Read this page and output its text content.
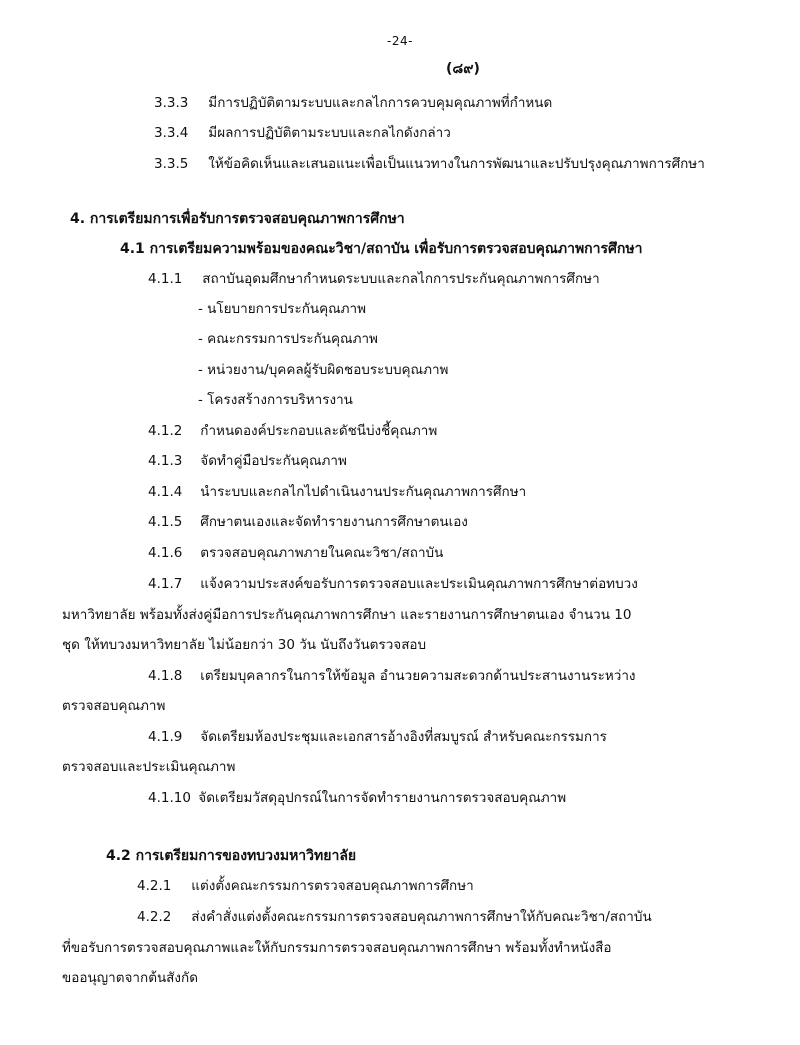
-24-
(๘๙)
3.3.3 มีการปฏิบัติตามระบบและกลไกการควบคุมคุณภาพที่กำหนด
3.3.4 มีผลการปฏิบัติตามระบบและกลไกดังกล่าว
3.3.5 ให้ข้อคิดเห็นและเสนอแนะเพื่อเป็นแนวทางในการพัฒนาและปรับปรุงคุณภาพการศึกษา
4. การเตรียมการเพื่อรับการตรวจสอบคุณภาพการศึกษา
4.1 การเตรียมความพร้อมของคณะวิชา/สถาบัน เพื่อรับการตรวจสอบคุณภาพการศึกษา
4.1.1 สถาบันอุดมศึกษากำหนดระบบและกลไกการประกันคุณภาพการศึกษา
- นโยบายการประกันคุณภาพ
- คณะกรรมการประกันคุณภาพ
- หน่วยงาน/บุคคลผู้รับผิดชอบระบบคุณภาพ
- โครงสร้างการบริหารงาน
4.1.2 กำหนดองค์ประกอบและดัชนีบ่งชี้คุณภาพ
4.1.3 จัดทำคู่มือประกันคุณภาพ
4.1.4 นำระบบและกลไกไปดำเนินงานประกันคุณภาพการศึกษา
4.1.5 ศึกษาตนเองและจัดทำรายงานการศึกษาตนเอง
4.1.6 ตรวจสอบคุณภาพภายในคณะวิชา/สถาบัน
4.1.7 แจ้งความประสงค์ขอรับการตรวจสอบและประเมินคุณภาพการศึกษาต่อทบวง
มหาวิทยาลัย พร้อมทั้งส่งคู่มือการประกันคุณภาพการศึกษา และรายงานการศึกษาตนเอง จำนวน 10
ชุด ให้ทบวงมหาวิทยาลัย ไม่น้อยกว่า 30 วัน นับถึงวันตรวจสอบ
4.1.8 เตรียมบุคลากรในการให้ข้อมูล อำนวยความสะดวกด้านประสานงานระหว่าง
ตรวจสอบคุณภาพ
4.1.9 จัดเตรียมห้องประชุมและเอกสารอ้างอิงที่สมบูรณ์ สำหรับคณะกรรมการ
ตรวจสอบและประเมินคุณภาพ
4.1.10 จัดเตรียมวัสดุอุปกรณ์ในการจัดทำรายงานการตรวจสอบคุณภาพ
4.2 การเตรียมการของทบวงมหาวิทยาลัย
4.2.1 แต่งตั้งคณะกรรมการตรวจสอบคุณภาพการศึกษา
4.2.2 ส่งคำสั่งแต่งตั้งคณะกรรมการตรวจสอบคุณภาพการศึกษาให้กับคณะวิชา/สถาบัน
ที่ขอรับการตรวจสอบคุณภาพและให้กับกรรมการตรวจสอบคุณภาพการศึกษา พร้อมทั้งทำหนังสือ
ขออนุญาตจากต้นสังกัด
